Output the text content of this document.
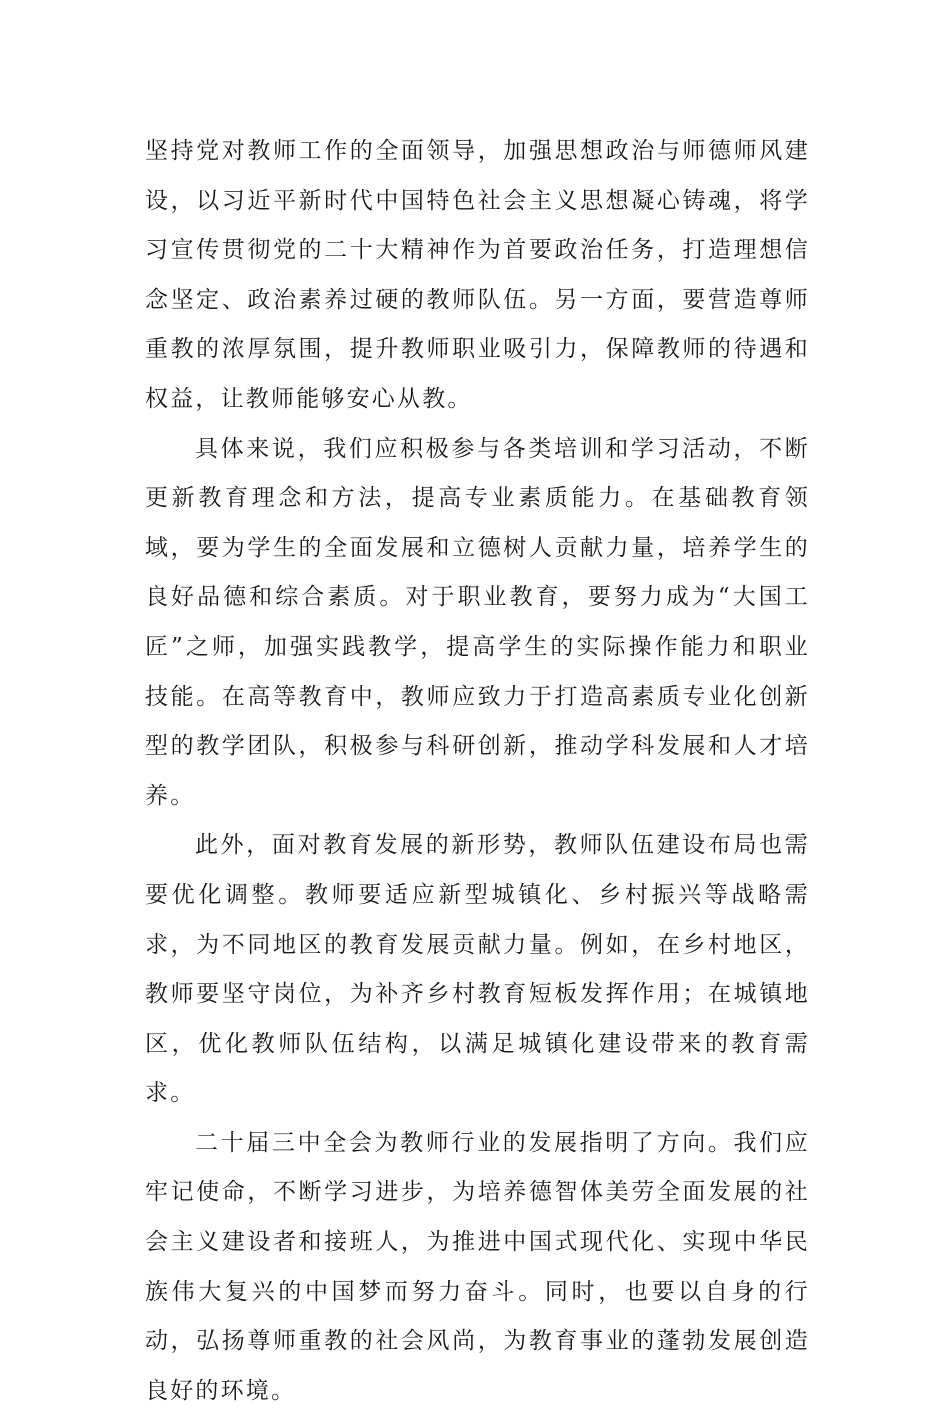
坚持党对教师工作的全面领导，加强思想政治与师德师风建设，以习近平新时代中国特色社会主义思想凝心铸魂，将学习宣传贯彻党的二十大精神作为首要政治任务，打造理想信念坚定、政治素养过硬的教师队伍。另一方面，要营造尊师重教的浓厚氛围，提升教师职业吸引力，保障教师的待遇和权益，让教师能够安心从教。

具体来说，我们应积极参与各类培训和学习活动，不断更新教育理念和方法，提高专业素质能力。在基础教育领域，要为学生的全面发展和立德树人贡献力量，培养学生的良好品德和综合素质。对于职业教育，要努力成为“大国工匠”之师，加强实践教学，提高学生的实际操作能力和职业技能。在高等教育中，教师应致力于打造高素质专业化创新型的教学团队，积极参与科研创新，推动学科发展和人才培养。

此外，面对教育发展的新形势，教师队伍建设布局也需要优化调整。教师要适应新型城镇化、乡村振兴等战略需求，为不同地区的教育发展贡献力量。例如，在乡村地区，教师要坚守岗位，为补齐乡村教育短板发挥作用；在城镇地区，优化教师队伍结构，以满足城镇化建设带来的教育需求。

二十届三中全会为教师行业的发展指明了方向。我们应牢记使命，不断学习进步，为培养德智体美劳全面发展的社会主义建设者和接班人，为推进中国式现代化、实现中华民族伟大复兴的中国梦而努力奋斗。同时，也要以自身的行动，弘扬尊师重教的社会风尚，为教育事业的蓬勃发展创造良好的环境。
